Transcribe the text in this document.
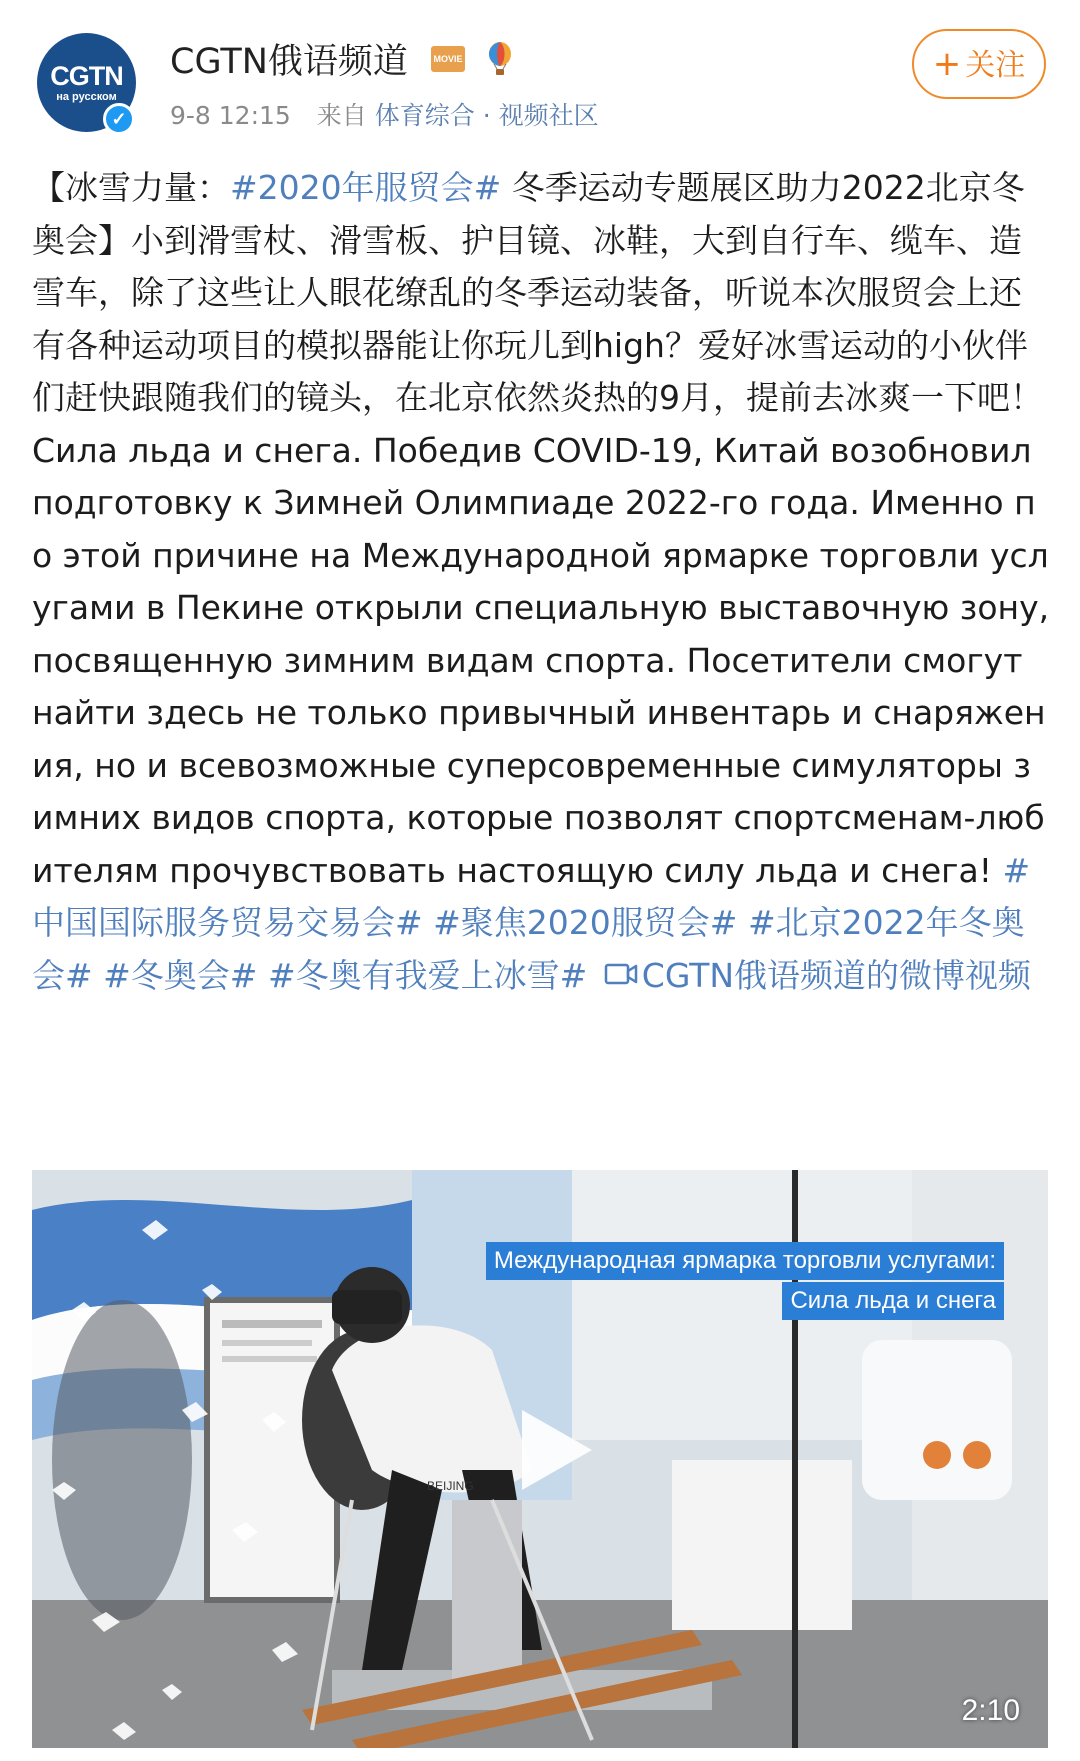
CGTN
на русском
✓
CGTN俄语频道	MOVIE
9-8 12:15 来自 体育综合 · 视频社区
+ 关注
【冰雪力量：#2020年服贸会# 冬季运动专题展区助力2022北京冬奥会】小到滑雪杖、滑雪板、护目镜、冰鞋，大到自行车、缆车、造雪车，除了这些让人眼花缭乱的冬季运动装备，听说本次服贸会上还有各种运动项目的模拟器能让你玩儿到high？爱好冰雪运动的小伙伴们赶快跟随我们的镜头，在北京依然炎热的9月，提前去冰爽一下吧！Сила льда и снега. Победив COVID-19, Китай возобновил подготовку к Зимней Олимпиаде 2022-го года. Именно по этой причине на Международной ярмарке торговли услугами в Пекине открыли специальную выставочную зону, посвященную зимним видам спорта. Посетители смогут найти здесь не только привычный инвентарь и снаряжения, но и всевозможные суперсовременные симуляторы зимних видов спорта, которые позволят спортсменам-любителям прочувствовать настоящую силу льда и снега! #中国国际服务贸易交易会# #聚焦2020服贸会# #北京2022年冬奥会# #冬奥会# #冬奥有我爱上冰雪# CGTN俄语频道的微博视频
BEIJING
Международная ярмарка торговли услугами:
Сила льда и снега
2:10
